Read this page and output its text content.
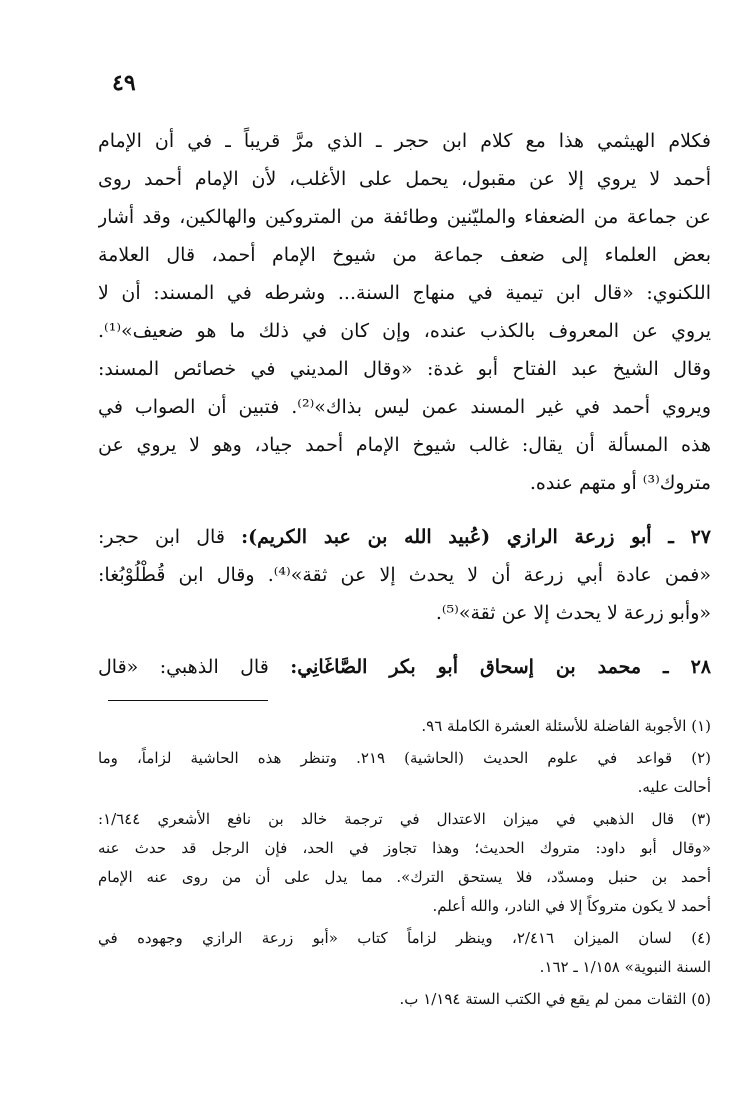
٤٩
فكلام الهيثمي هذا مع كلام ابن حجر ـ الذي مرَّ قريباً ـ في أن الإمام
أحمد لا يروي إلا عن مقبول، يحمل على الأغلب، لأن الإمام أحمد روى
عن جماعة من الضعفاء والمليّنين وطائفة من المتروكين والهالكين، وقد أشار
بعض العلماء إلى ضعف جماعة من شيوخ الإمام أحمد، قال العلامة
اللكنوي: «قال ابن تيمية في منهاج السنة... وشرطه في المسند: أن لا
يروي عن المعروف بالكذب عنده، وإن كان في ذلك ما هو ضعيف»⁽¹⁾.
وقال الشيخ عبد الفتاح أبو غدة: «وقال المديني في خصائص المسند:
ويروي أحمد في غير المسند عمن ليس بذاك»⁽²⁾. فتبين أن الصواب في
هذه المسألة أن يقال: غالب شيوخ الإمام أحمد جياد، وهو لا يروي عن
متروك⁽³⁾ أو متهم عنده.
٢٧ ـ أبو زرعة الرازي (عُبيد الله بن عبد الكريم): قال ابن حجر:
«فمن عادة أبي زرعة أن لا يحدث إلا عن ثقة»⁽⁴⁾. وقال ابن قُطْلُوْبُغا:
«وأبو زرعة لا يحدث إلا عن ثقة»⁽⁵⁾.
٢٨ ـ محمد بن إسحاق أبو بكر الصَّاغَانِي: قال الذهبي: «قال
(١) الأجوبة الفاضلة للأسئلة العشرة الكاملة ٩٦.
(٢) قواعد في علوم الحديث (الحاشية) ٢١٩. وتنظر هذه الحاشية لزاماً، وما
أحالت عليه.
(٣) قال الذهبي في ميزان الاعتدال في ترجمة خالد بن نافع الأشعري ١/٦٤٤:
«وقال أبو داود: متروك الحديث؛ وهذا تجاوز في الحد، فإن الرجل قد حدث عنه
أحمد بن حنبل ومسدّد، فلا يستحق الترك». مما يدل على أن من روى عنه الإمام
أحمد لا يكون متروكاً إلا في النادر، والله أعلم.
(٤) لسان الميزان ٢/٤١٦، وينظر لزاماً كتاب «أبو زرعة الرازي وجهوده في
السنة النبوية» ١/١٥٨ ـ ١٦٢.
(٥) الثقات ممن لم يقع في الكتب الستة ١/١٩٤ ب.
